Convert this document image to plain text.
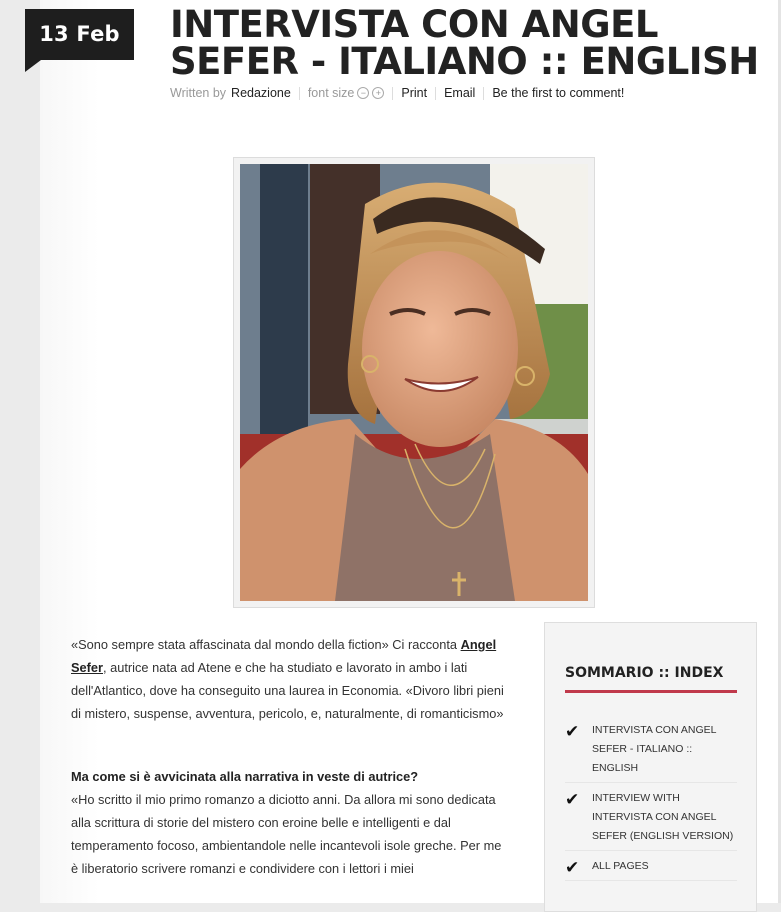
13 Feb	INTERVISTA CON ANGEL SEFER - ITALIANO :: ENGLISH
Written by Redazione font size −	+ Print Email Be the first to comment!

«Sono sempre stata affascinata dal mondo della fiction» Ci racconta Angel Sefer, autrice nata ad Atene e che ha studiato e lavorato in ambo i lati dell'Atlantico, dove ha conseguito una laurea in Economia. «Divoro libri pieni di mistero, suspense, avventura, pericolo, e, naturalmente, di romanticismo»

Ma come si è avvicinata alla narrativa in veste di autrice?

«Ho scritto il mio primo romanzo a diciotto anni. Da allora mi sono dedicata alla scrittura di storie del mistero con eroine belle e intelligenti e dal temperamento focoso, ambientandole nelle incantevoli isole greche. Per me è liberatorio scrivere romanzi e condividere con i lettori i miei

SOMMARIO :: INDEX
✔ INTERVISTA CON ANGEL SEFER - ITALIANO :: ENGLISH
✔ INTERVIEW WITH INTERVISTA CON ANGEL SEFER (ENGLISH VERSION)
✔ ALL PAGES
